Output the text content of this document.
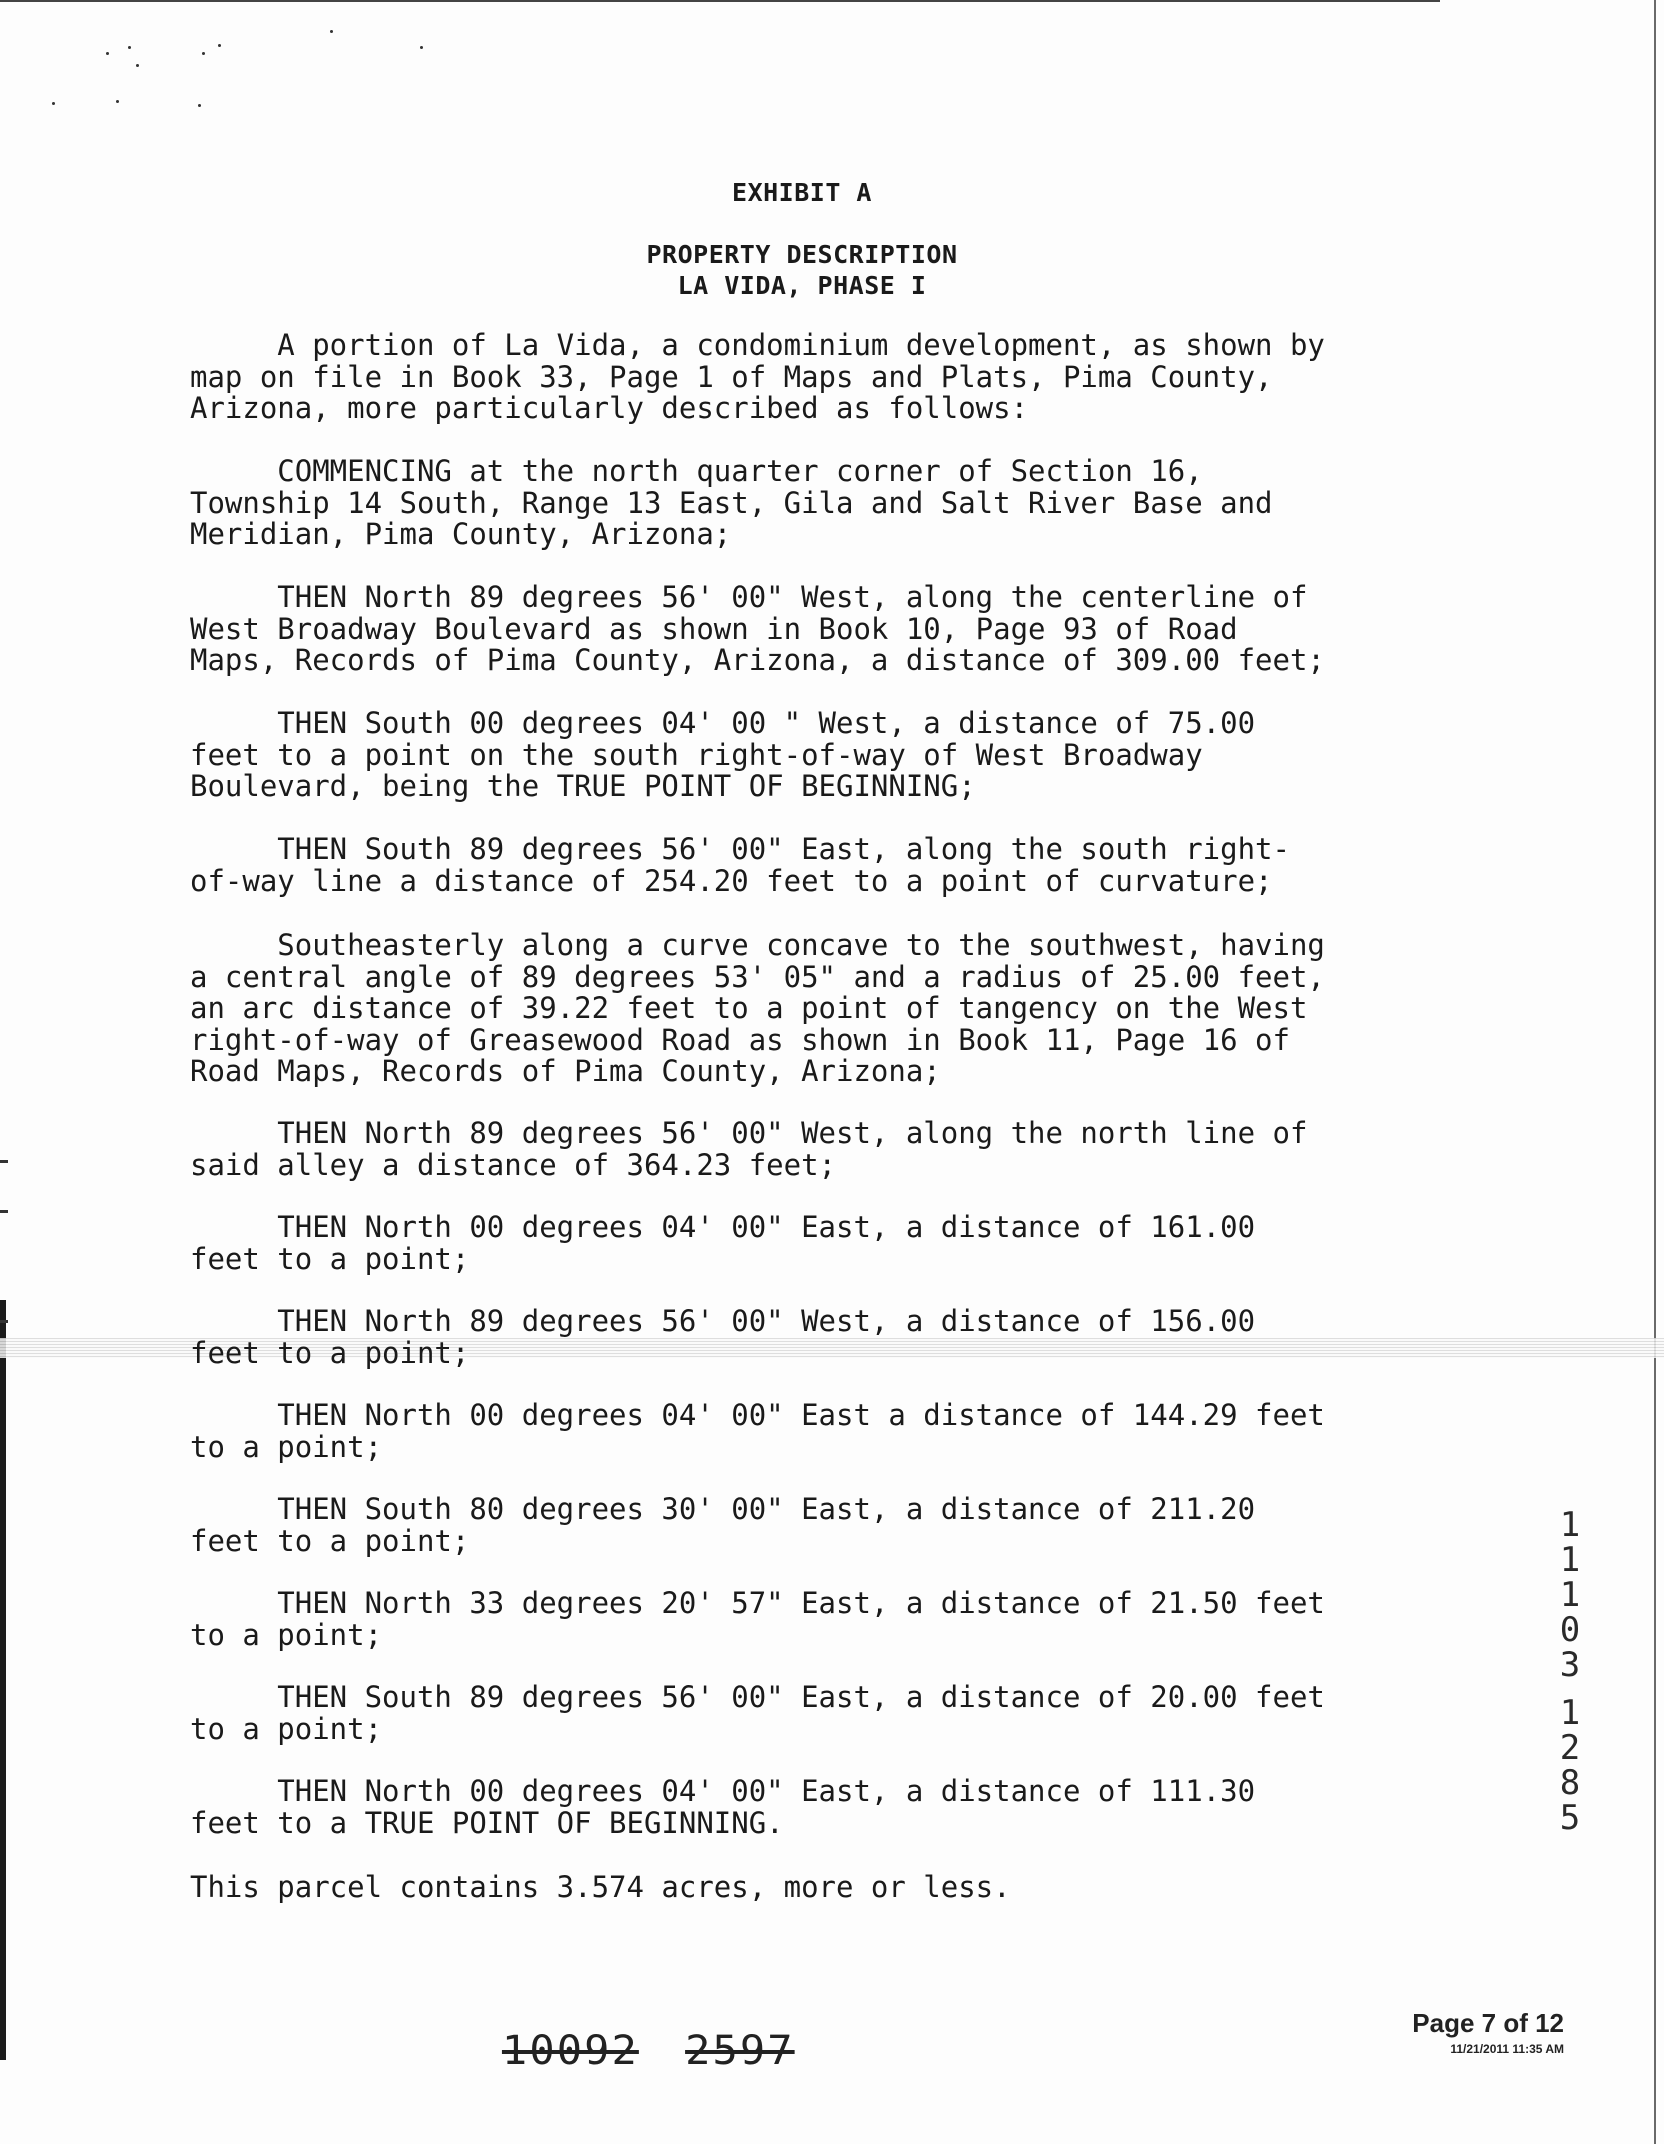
EXHIBIT A
PROPERTY DESCRIPTION
LA VIDA, PHASE I

A portion of La Vida, a condominium development, as shown by
map on file in Book 33, Page 1 of Maps and Plats, Pima County,
Arizona, more particularly described as follows:

COMMENCING at the north quarter corner of Section 16,
Township 14 South, Range 13 East, Gila and Salt River Base and
Meridian, Pima County, Arizona;

THEN North 89 degrees 56' 00" West, along the centerline of
West Broadway Boulevard as shown in Book 10, Page 93 of Road
Maps, Records of Pima County, Arizona, a distance of 309.00 feet;

THEN South 00 degrees 04' 00 " West, a distance of 75.00
feet to a point on the south right-of-way of West Broadway
Boulevard, being the TRUE POINT OF BEGINNING;

THEN South 89 degrees 56' 00" East, along the south right-
of-way line a distance of 254.20 feet to a point of curvature;

Southeasterly along a curve concave to the southwest, having
a central angle of 89 degrees 53' 05" and a radius of 25.00 feet,
an arc distance of 39.22 feet to a point of tangency on the West
right-of-way of Greasewood Road as shown in Book 11, Page 16 of
Road Maps, Records of Pima County, Arizona;

THEN North 89 degrees 56' 00" West, along the north line of
said alley a distance of 364.23 feet;

THEN North 00 degrees 04' 00" East, a distance of 161.00
feet to a point;

THEN North 89 degrees 56' 00" West, a distance of 156.00
feet to a point;

THEN North 00 degrees 04' 00" East a distance of 144.29 feet
to a point;

THEN South 80 degrees 30' 00" East, a distance of 211.20
feet to a point;

THEN North 33 degrees 20' 57" East, a distance of 21.50 feet
to a point;

THEN South 89 degrees 56' 00" East, a distance of 20.00 feet
to a point;

THEN North 00 degrees 04' 00" East, a distance of 111.30
feet to a TRUE POINT OF BEGINNING.

This parcel contains 3.574 acres, more or less.

1
1
1
0
3
1
2
8
5
10092 2597
Page 7 of 12
11/21/2011 11:35 AM
